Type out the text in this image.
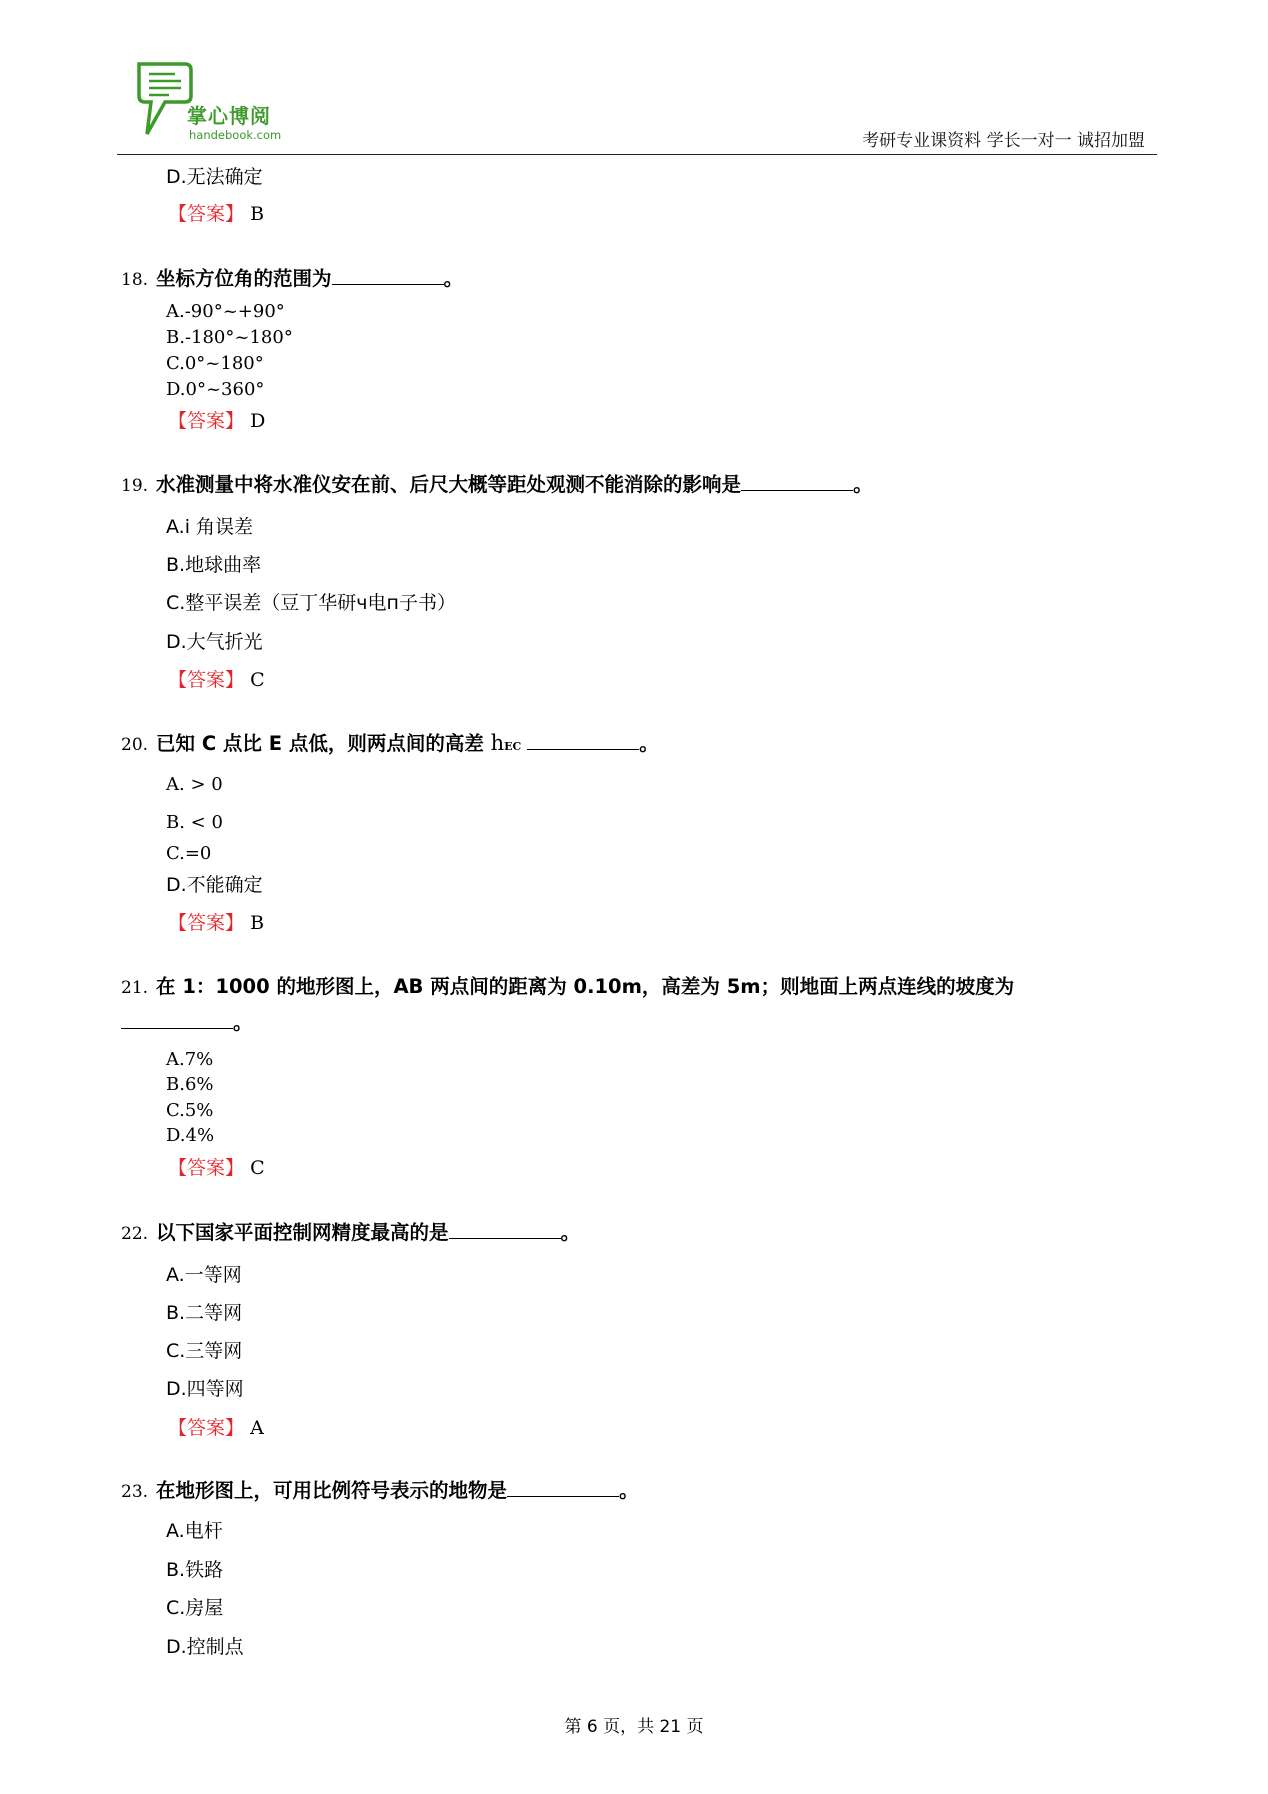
掌心博阅
handebook.com	考研专业课资料 学长一对一 诚招加盟
D.无法确定
【答案】 B
18. 坐标方位角的范围为	。
A.-90°~+90°
B.-180°~180°
C.0°~180°
D.0°~360°
【答案】 D
19. 水准测量中将水准仪安在前、后尺大概等距处观测不能消除的影响是	。
A.i 角误差
B.地球曲率
C.整平误差（豆丁华研ч电п子书）
D.大气折光
【答案】 C
20. 已知 C 点比 E 点低，则两点间的高差 hEC	。
A. > 0
B. < 0
C.=0
D.不能确定
【答案】 B
21. 在 1：1000 的地形图上，AB 两点间的距离为 0.10m，高差为 5m；则地面上两点连线的坡度为
。
A.7%
B.6%
C.5%
D.4%
【答案】 C
22. 以下国家平面控制网精度最高的是	。
A.一等网
B.二等网
C.三等网
D.四等网
【答案】 A
23. 在地形图上，可用比例符号表示的地物是	。
A.电杆
B.铁路
C.房屋
D.控制点
第 6 页，共 21 页
